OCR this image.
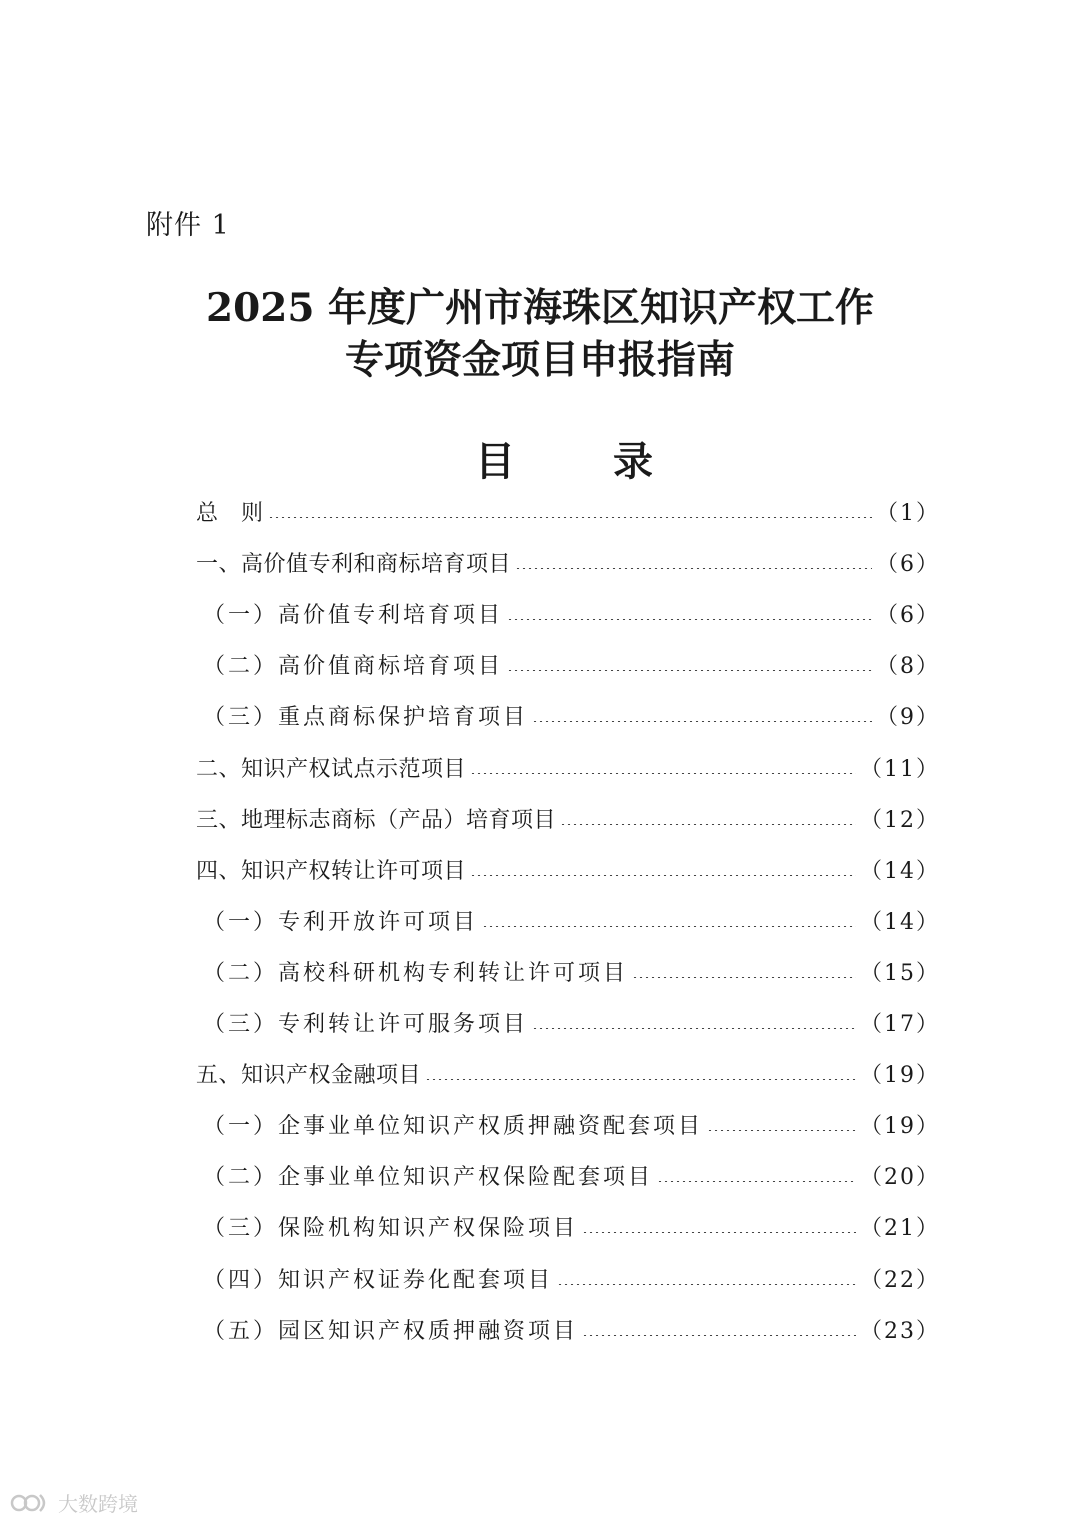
附件 1
2025 年度广州市海珠区知识产权工作
专项资金项目申报指南
目 录
总　则	（1）
一、高价值专利和商标培育项目	（6）
（一）高价值专利培育项目	（6）
（二）高价值商标培育项目	（8）
（三）重点商标保护培育项目	（9）
二、知识产权试点示范项目	（11）
三、地理标志商标（产品）培育项目	（12）
四、知识产权转让许可项目	（14）
（一）专利开放许可项目	（14）
（二）高校科研机构专利转让许可项目	（15）
（三）专利转让许可服务项目	（17）
五、知识产权金融项目	（19）
（一）企事业单位知识产权质押融资配套项目	（19）
（二）企事业单位知识产权保险配套项目	（20）
（三）保险机构知识产权保险项目	（21）
（四）知识产权证券化配套项目	（22）
（五）园区知识产权质押融资项目	（23）
大数跨境
